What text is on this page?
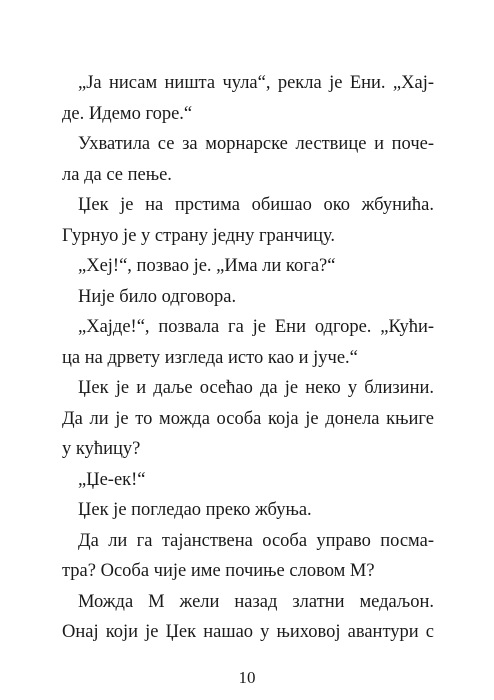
„Ја нисам ништа чула“, рекла је Ени. „Хај-
де. Идемо горе.“
Ухватила се за морнарске лествице и поче-
ла да се пење.
Џек је на прстима обишао око жбунића.
Гурнуо је у страну једну гранчицу.
„Хеј!“, позвао је. „Има ли кога?“
Није било одговора.
„Хајде!“, позвала га је Ени одгоре. „Кући-
ца на дрвету изгледа исто као и јуче.“
Џек је и даље осећао да је неко у близини.
Да ли је то можда особа која је донела књиге
у кућицу?
„Џе-ек!“
Џек је погледао преко жбуња.
Да ли га тајанствена особа управо посма-
тра? Особа чије име почиње словом М?
Можда М жели назад златни медаљон.
Онај који је Џек нашао у њиховој авантури с
10
